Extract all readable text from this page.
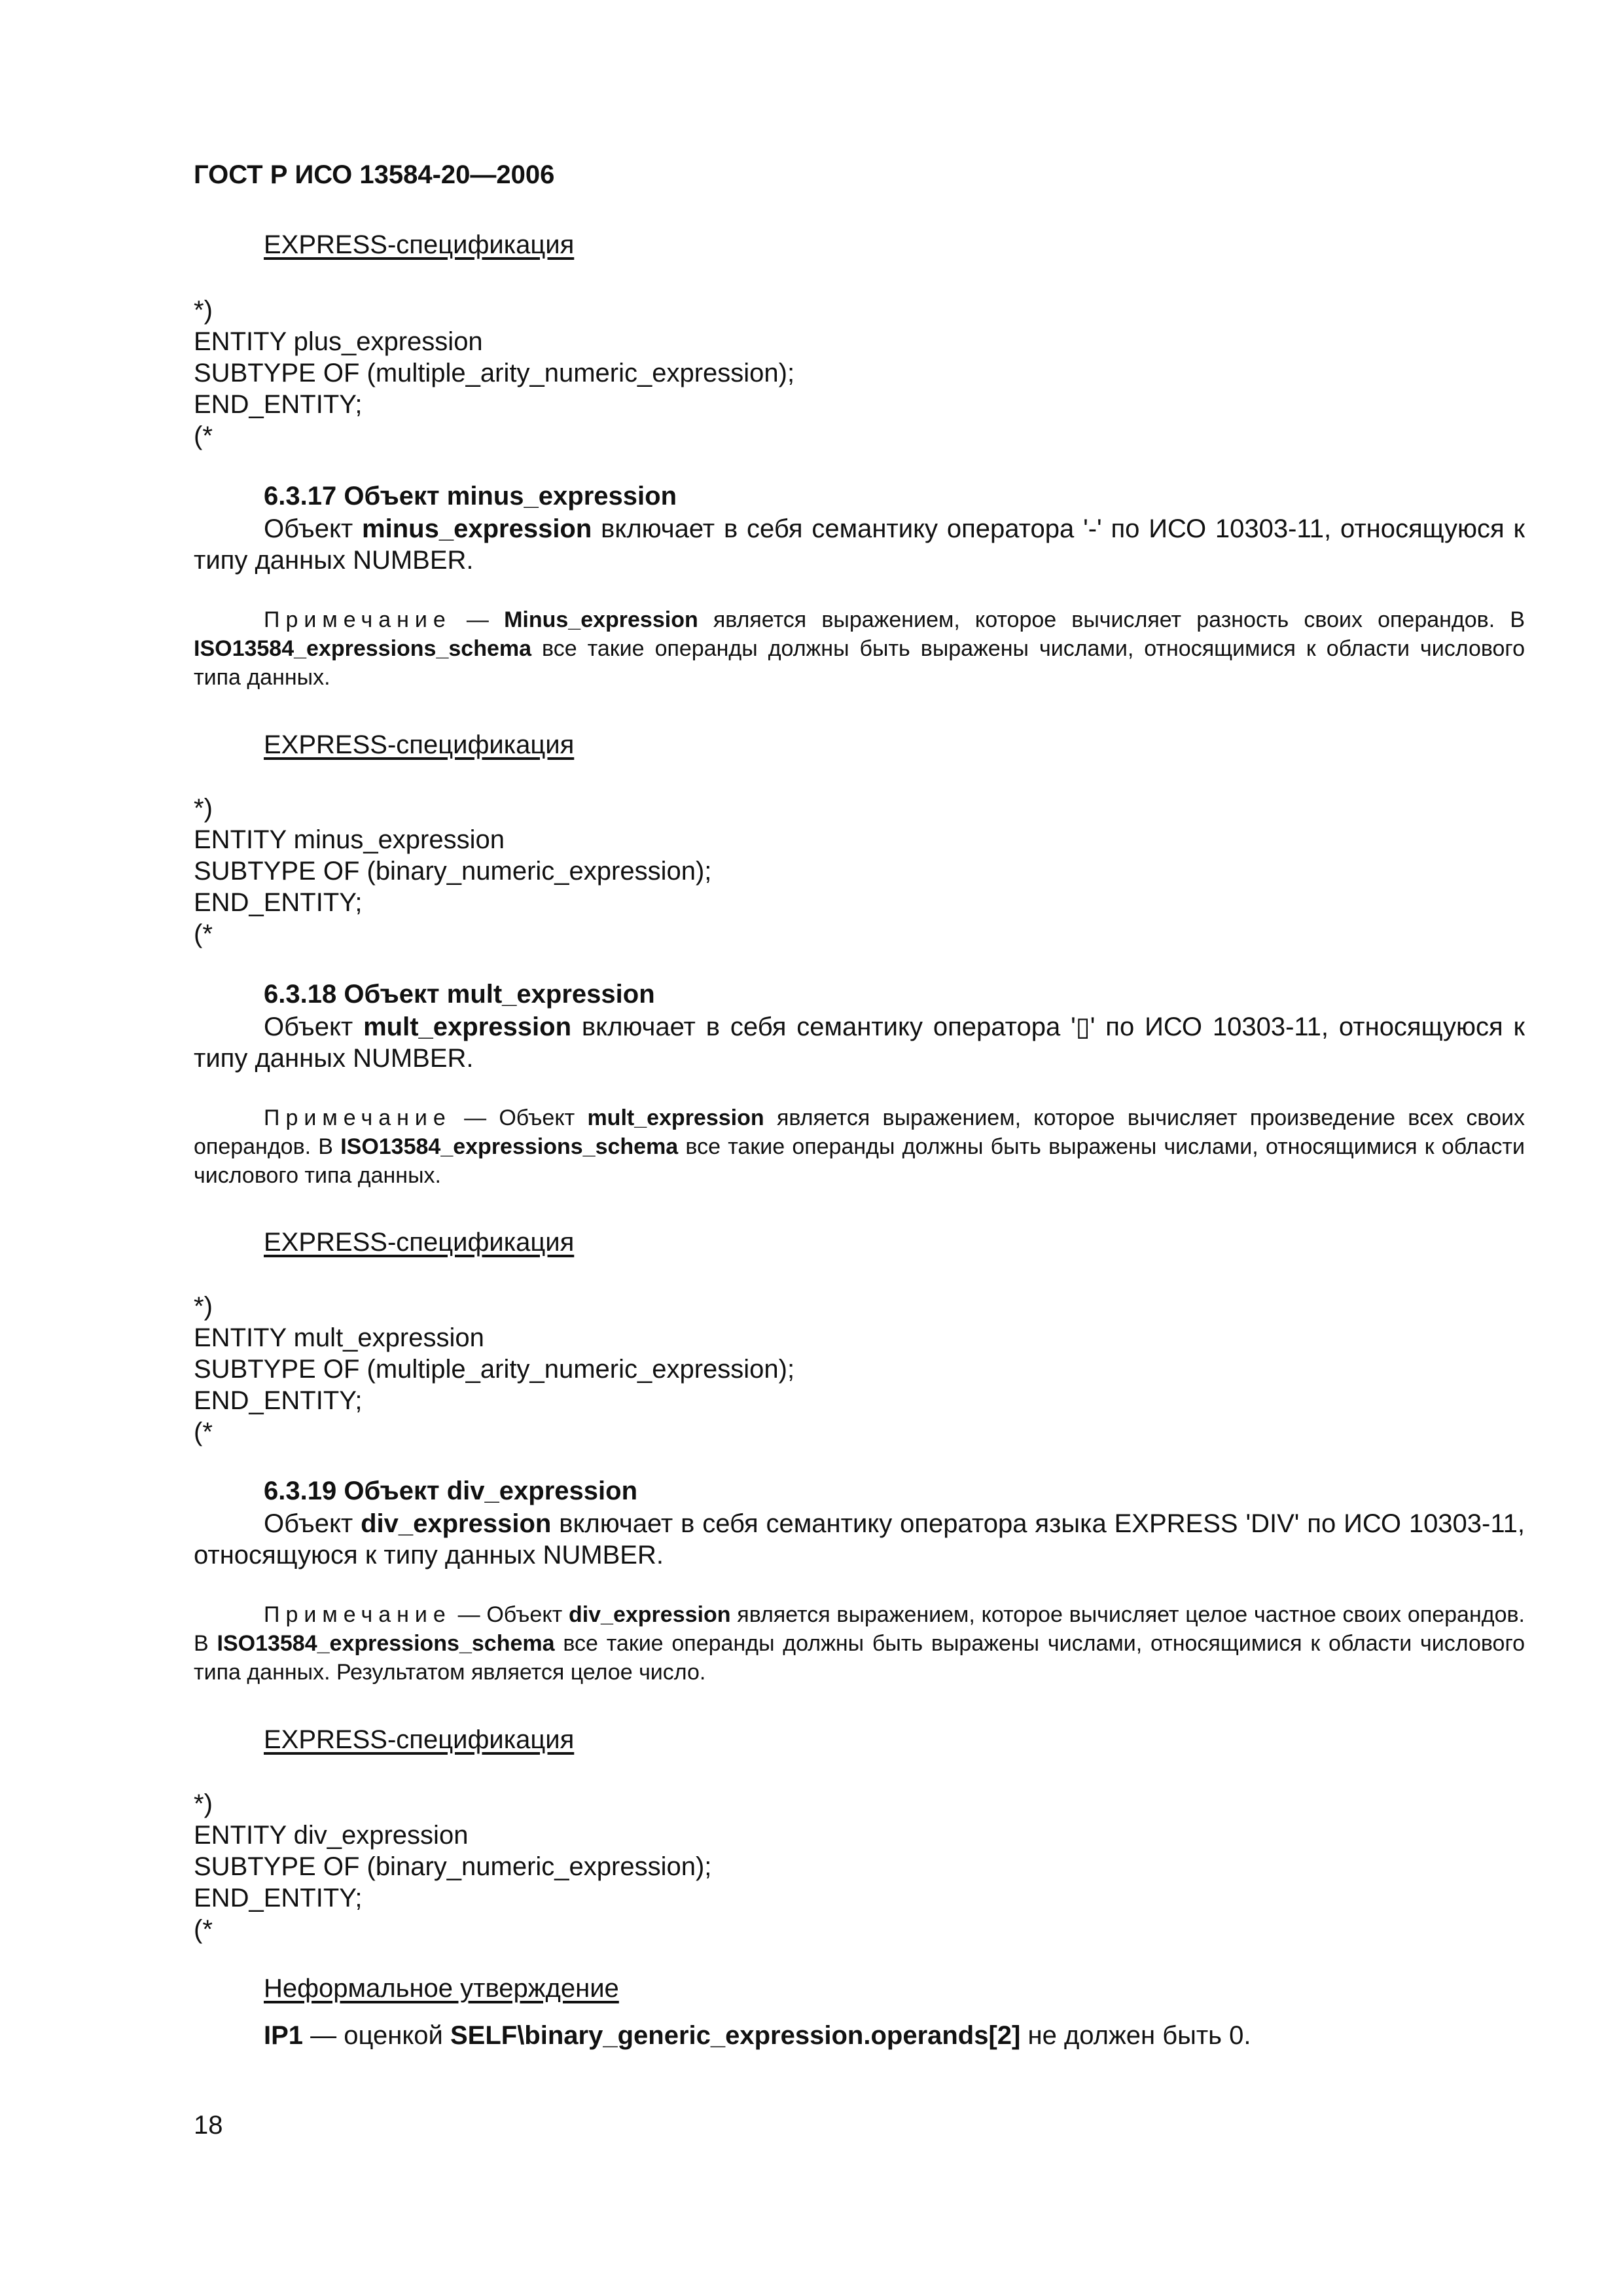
ГОСТ Р ИСО 13584-20—2006
EXPRESS-спецификация
*)
ENTITY plus_expression
SUBTYPE OF (multiple_arity_numeric_expression);
END_ENTITY;
(*
6.3.17 Объект minus_expression
Объект minus_expression включает в себя семантику оператора '-' по ИСО 10303-11, относящуюся к типу данных NUMBER.
Примечание — Minus_expression является выражением, которое вычисляет разность своих операндов. В ISO13584_expressions_schema все такие операнды должны быть выражены числами, относящимися к области числового типа данных.
EXPRESS-спецификация
*)
ENTITY minus_expression
SUBTYPE OF (binary_numeric_expression);
END_ENTITY;
(*
6.3.18 Объект mult_expression
Объект mult_expression включает в себя семантику оператора '▯' по ИСО 10303-11, относящуюся к типу данных NUMBER.
Примечание — Объект mult_expression является выражением, которое вычисляет произведение всех своих операндов. В ISO13584_expressions_schema все такие операнды должны быть выражены числами, относящимися к области числового типа данных.
EXPRESS-спецификация
*)
ENTITY mult_expression
SUBTYPE OF (multiple_arity_numeric_expression);
END_ENTITY;
(*
6.3.19 Объект div_expression
Объект div_expression включает в себя семантику оператора языка EXPRESS 'DIV' по ИСО 10303-11, относящуюся к типу данных NUMBER.
Примечание — Объект div_expression является выражением, которое вычисляет целое частное своих операндов. В ISO13584_expressions_schema все такие операнды должны быть выражены числами, относящимися к области числового типа данных. Результатом является целое число.
EXPRESS-спецификация
*)
ENTITY div_expression
SUBTYPE OF (binary_numeric_expression);
END_ENTITY;
(*
Неформальное утверждение
IP1 — оценкой SELF\binary_generic_expression.operands[2] не должен быть 0.
18
